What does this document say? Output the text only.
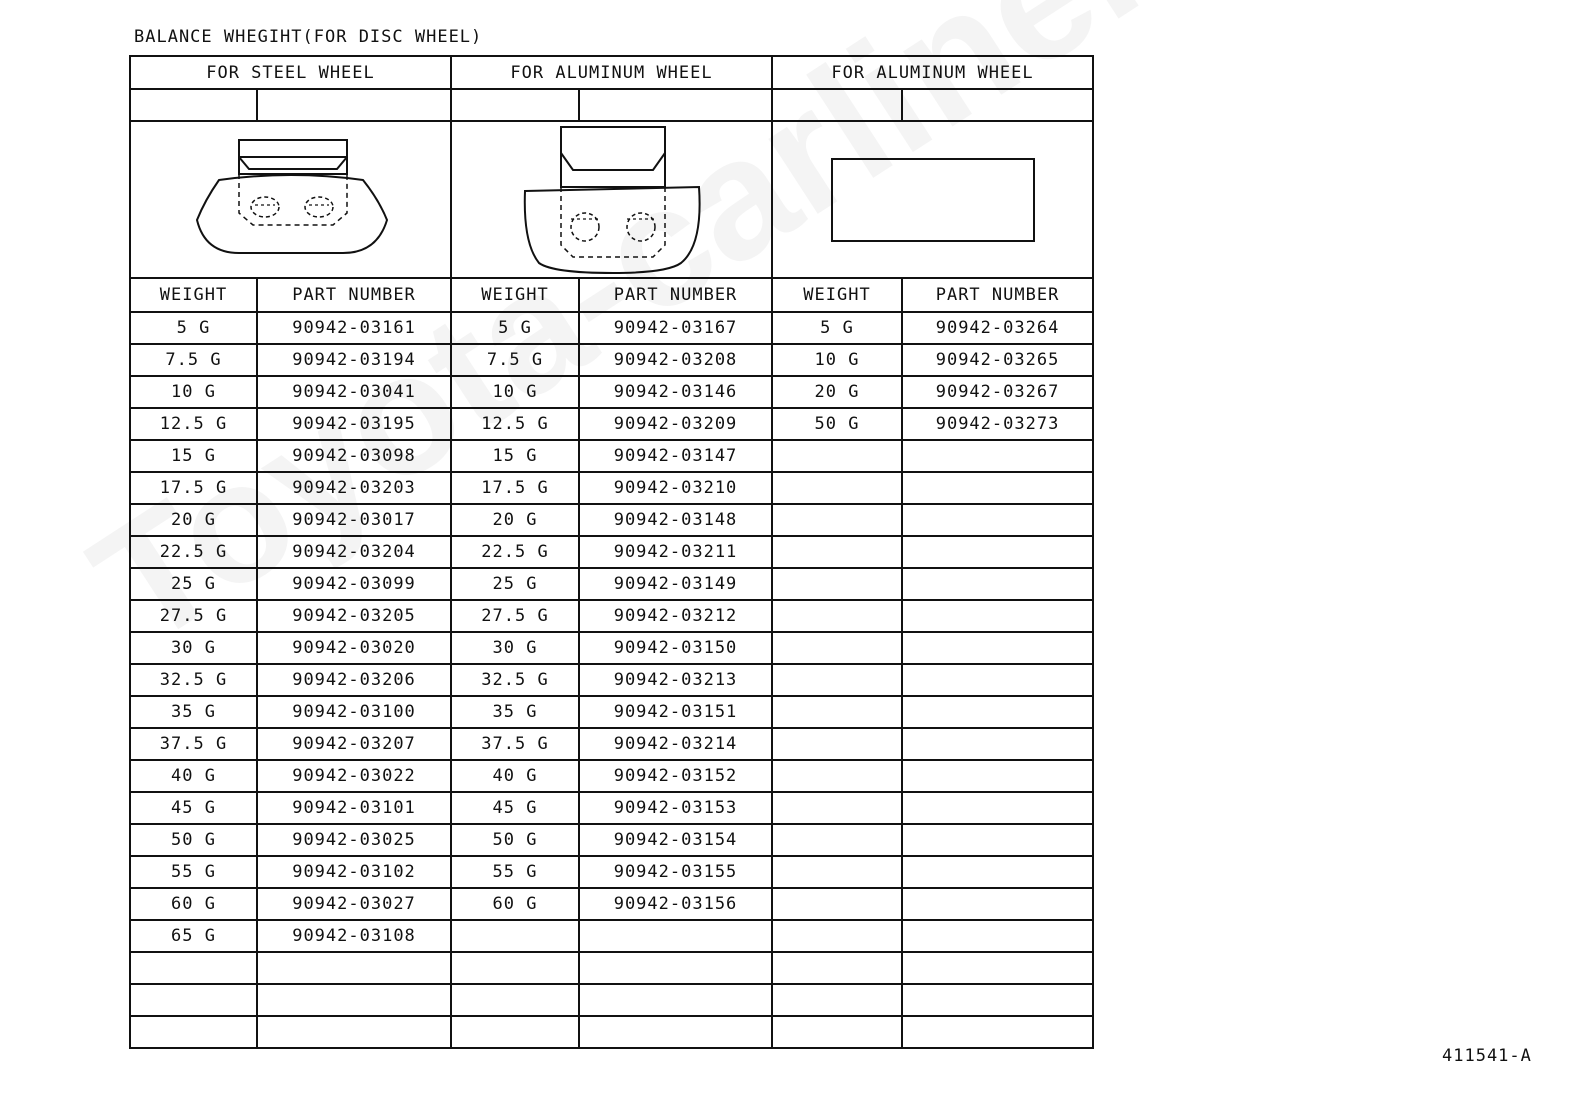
BALANCE WHEGIHT(FOR DISC WHEEL)
FOR STEEL WHEEL		FOR ALUMINUM WHEEL		FOR ALUMINUM WHEEL	

WEIGHT	PART NUMBER	WEIGHT	PART NUMBER	WEIGHT	PART NUMBER
5 G	90942-03161	5 G	90942-03167	5 G	90942-03264
7.5 G	90942-03194	7.5 G	90942-03208	10 G	90942-03265
10 G	90942-03041	10 G	90942-03146	20 G	90942-03267
12.5 G	90942-03195	12.5 G	90942-03209	50 G	90942-03273
15 G	90942-03098	15 G	90942-03147		
17.5 G	90942-03203	17.5 G	90942-03210		
20 G	90942-03017	20 G	90942-03148		
22.5 G	90942-03204	22.5 G	90942-03211		
25 G	90942-03099	25 G	90942-03149		
27.5 G	90942-03205	27.5 G	90942-03212		
30 G	90942-03020	30 G	90942-03150		
32.5 G	90942-03206	32.5 G	90942-03213		
35 G	90942-03100	35 G	90942-03151		
37.5 G	90942-03207	37.5 G	90942-03214		
40 G	90942-03022	40 G	90942-03152		
45 G	90942-03101	45 G	90942-03153		
50 G	90942-03025	50 G	90942-03154		
55 G	90942-03102	55 G	90942-03155		
60 G	90942-03027	60 G	90942-03156		
65 G	90942-03108				

411541-A
